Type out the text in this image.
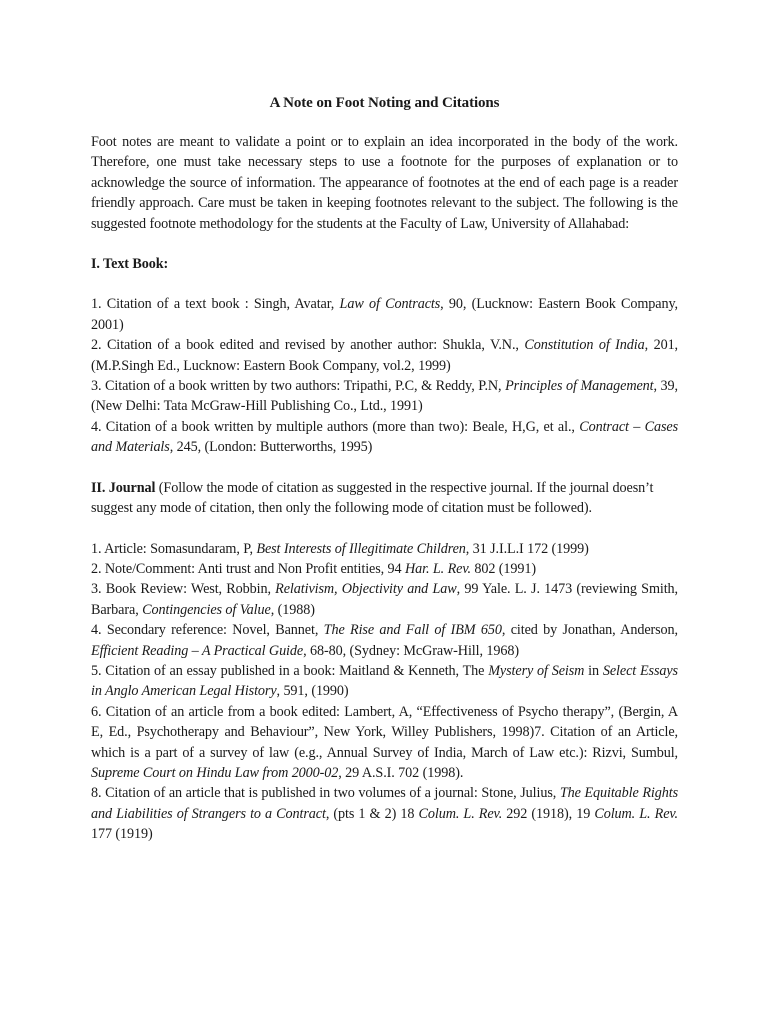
A Note on Foot Noting and Citations

Foot notes are meant to validate a point or to explain an idea incorporated in the body of the work. Therefore, one must take necessary steps to use a footnote for the purposes of explanation or to acknowledge the source of information. The appearance of footnotes at the end of each page is a reader friendly approach. Care must be taken in keeping footnotes relevant to the subject. The following is the suggested footnote methodology for the students at the Faculty of Law, University of Allahabad:

I. Text Book:

1. Citation of a text book : Singh, Avatar, Law of Contracts, 90, (Lucknow: Eastern Book Company, 2001)

2. Citation of a book edited and revised by another author: Shukla, V.N., Constitution of India, 201, (M.P.Singh Ed., Lucknow: Eastern Book Company, vol.2, 1999)

3. Citation of a book written by two authors: Tripathi, P.C, & Reddy, P.N, Principles of Management, 39, (New Delhi: Tata McGraw-Hill Publishing Co., Ltd., 1991)

4. Citation of a book written by multiple authors (more than two): Beale, H,G, et al., Contract – Cases and Materials, 245, (London: Butterworths, 1995)

II. Journal (Follow the mode of citation as suggested in the respective journal. If the journal doesn’t suggest any mode of citation, then only the following mode of citation must be followed).

1. Article: Somasundaram, P, Best Interests of Illegitimate Children, 31 J.I.L.I 172 (1999)

2. Note/Comment: Anti trust and Non Profit entities, 94 Har. L. Rev. 802 (1991)

3. Book Review: West, Robbin, Relativism, Objectivity and Law, 99 Yale. L. J. 1473 (reviewing Smith, Barbara, Contingencies of Value, (1988)

4. Secondary reference: Novel, Bannet, The Rise and Fall of IBM 650, cited by Jonathan, Anderson, Efficient Reading – A Practical Guide, 68-80, (Sydney: McGraw-Hill, 1968)

5. Citation of an essay published in a book: Maitland & Kenneth, The Mystery of Seism in Select Essays in Anglo American Legal History, 591, (1990)

6. Citation of an article from a book edited: Lambert, A, “Effectiveness of Psycho therapy”, (Bergin, A E, Ed., Psychotherapy and Behaviour”, New York, Willey Publishers, 1998)7. Citation of an Article, which is a part of a survey of law (e.g., Annual Survey of India, March of Law etc.): Rizvi, Sumbul, Supreme Court on Hindu Law from 2000-02, 29 A.S.I. 702 (1998).

8. Citation of an article that is published in two volumes of a journal: Stone, Julius, The Equitable Rights and Liabilities of Strangers to a Contract, (pts 1 & 2) 18 Colum. L. Rev. 292 (1918), 19 Colum. L. Rev. 177 (1919)
